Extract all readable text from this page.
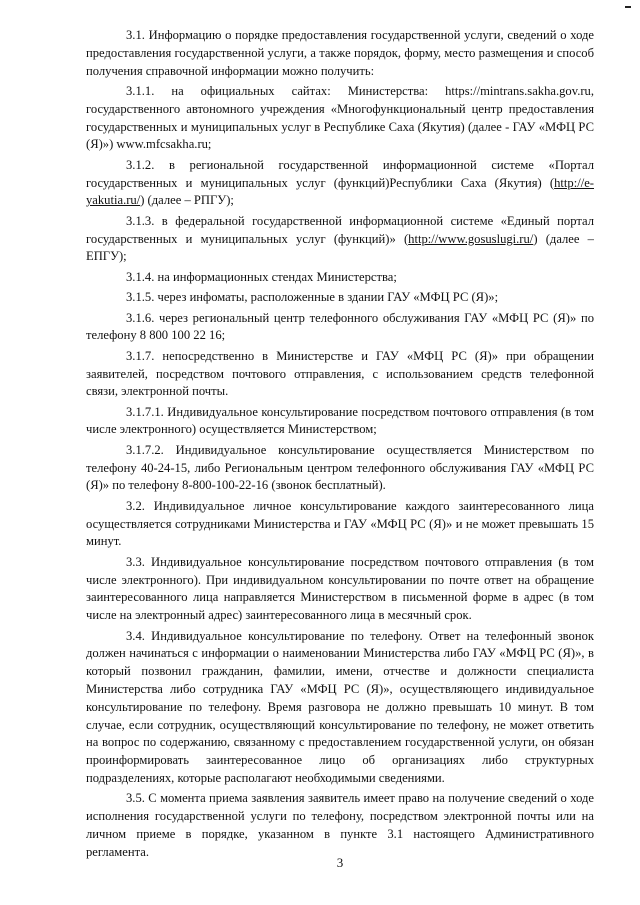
3.1. Информацию о порядке предоставления государственной услуги, сведений о ходе предоставления государственной услуги, а также порядок, форму, место размещения и способ получения справочной информации можно получить:

3.1.1. на официальных сайтах: Министерства: https://mintrans.sakha.gov.ru, государственного автономного учреждения «Многофункциональный центр предоставления государственных и муниципальных услуг в Республике Саха (Якутия) (далее - ГАУ «МФЦ РС (Я)») www.mfcsakha.ru;

3.1.2. в региональной государственной информационной системе «Портал государственных и муниципальных услуг (функций)Республики Саха (Якутия) (http://e-yakutia.ru/) (далее – РПГУ);

3.1.3. в федеральной государственной информационной системе «Единый портал государственных и муниципальных услуг (функций)» (http://www.gosuslugi.ru/) (далее – ЕПГУ);

3.1.4. на информационных стендах Министерства;

3.1.5. через инфоматы, расположенные в здании ГАУ «МФЦ РС (Я)»;

3.1.6. через региональный центр телефонного обслуживания ГАУ «МФЦ РС (Я)» по телефону 8 800 100 22 16;

3.1.7. непосредственно в Министерстве и ГАУ «МФЦ РС (Я)» при обращении заявителей, посредством почтового отправления, с использованием средств телефонной связи, электронной почты.

3.1.7.1. Индивидуальное консультирование посредством почтового отправления (в том числе электронного) осуществляется Министерством;

3.1.7.2. Индивидуальное консультирование осуществляется Министерством по телефону 40-24-15, либо Региональным центром телефонного обслуживания ГАУ «МФЦ РС (Я)» по телефону 8-800-100-22-16 (звонок бесплатный).

3.2. Индивидуальное личное консультирование каждого заинтересованного лица осуществляется сотрудниками Министерства и ГАУ «МФЦ РС (Я)» и не может превышать 15 минут.

3.3. Индивидуальное консультирование посредством почтового отправления (в том числе электронного). При индивидуальном консультировании по почте ответ на обращение заинтересованного лица направляется Министерством в письменной форме в адрес (в том числе на электронный адрес) заинтересованного лица в месячный срок.

3.4. Индивидуальное консультирование по телефону. Ответ на телефонный звонок должен начинаться с информации о наименовании Министерства либо ГАУ «МФЦ РС (Я)», в который позвонил гражданин, фамилии, имени, отчестве и должности специалиста Министерства либо сотрудника ГАУ «МФЦ РС (Я)», осуществляющего индивидуальное консультирование по телефону. Время разговора не должно превышать 10 минут. В том случае, если сотрудник, осуществляющий консультирование по телефону, не может ответить на вопрос по содержанию, связанному с предоставлением государственной услуги, он обязан проинформировать заинтересованное лицо об организациях либо структурных подразделениях, которые располагают необходимыми сведениями.

3.5. С момента приема заявления заявитель имеет право на получение сведений о ходе исполнения государственной услуги по телефону, посредством электронной почты или на личном приеме в порядке, указанном в пункте 3.1 настоящего Административного регламента.

3
